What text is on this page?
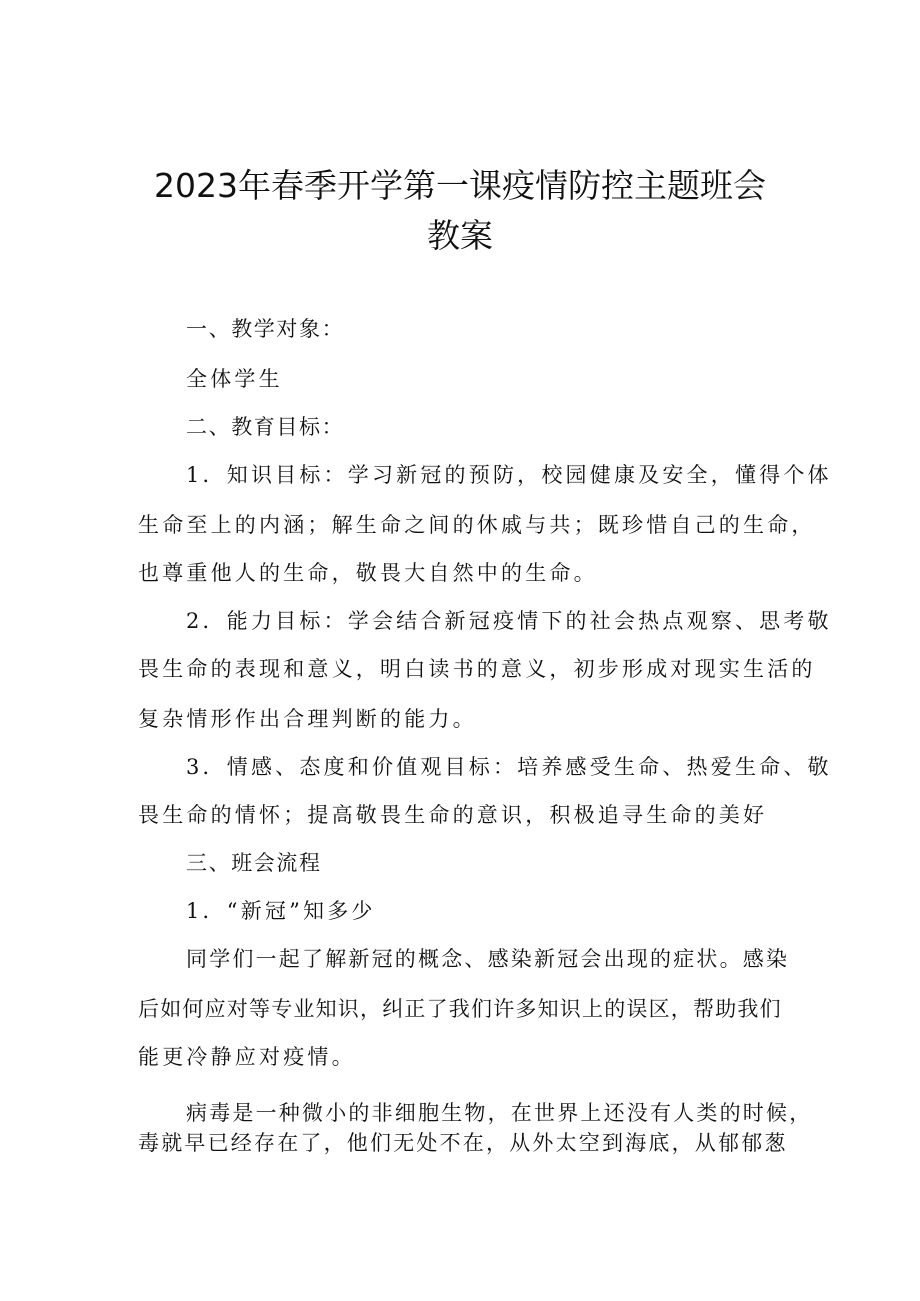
2023年春季开学第一课疫情防控主题班会
教案
一、教学对象：
全体学生
二、教育目标：
1．知识目标：学习新冠的预防，校园健康及安全，懂得个体
生命至上的内涵；解生命之间的休戚与共；既珍惜自己的生命，
也尊重他人的生命，敬畏大自然中的生命。
2．能力目标：学会结合新冠疫情下的社会热点观察、思考敬
畏生命的表现和意义，明白读书的意义，初步形成对现实生活的
复杂情形作出合理判断的能力。
3．情感、态度和价值观目标：培养感受生命、热爱生命、敬
畏生命的情怀；提高敬畏生命的意识，积极追寻生命的美好
三、班会流程
1．“新冠”知多少
同学们一起了解新冠的概念、感染新冠会出现的症状。感染
后如何应对等专业知识，纠正了我们许多知识上的误区，帮助我们
能更冷静应对疫情。
病毒是一种微小的非细胞生物，在世界上还没有人类的时候，
毒就早已经存在了，他们无处不在，从外太空到海底，从郁郁葱
